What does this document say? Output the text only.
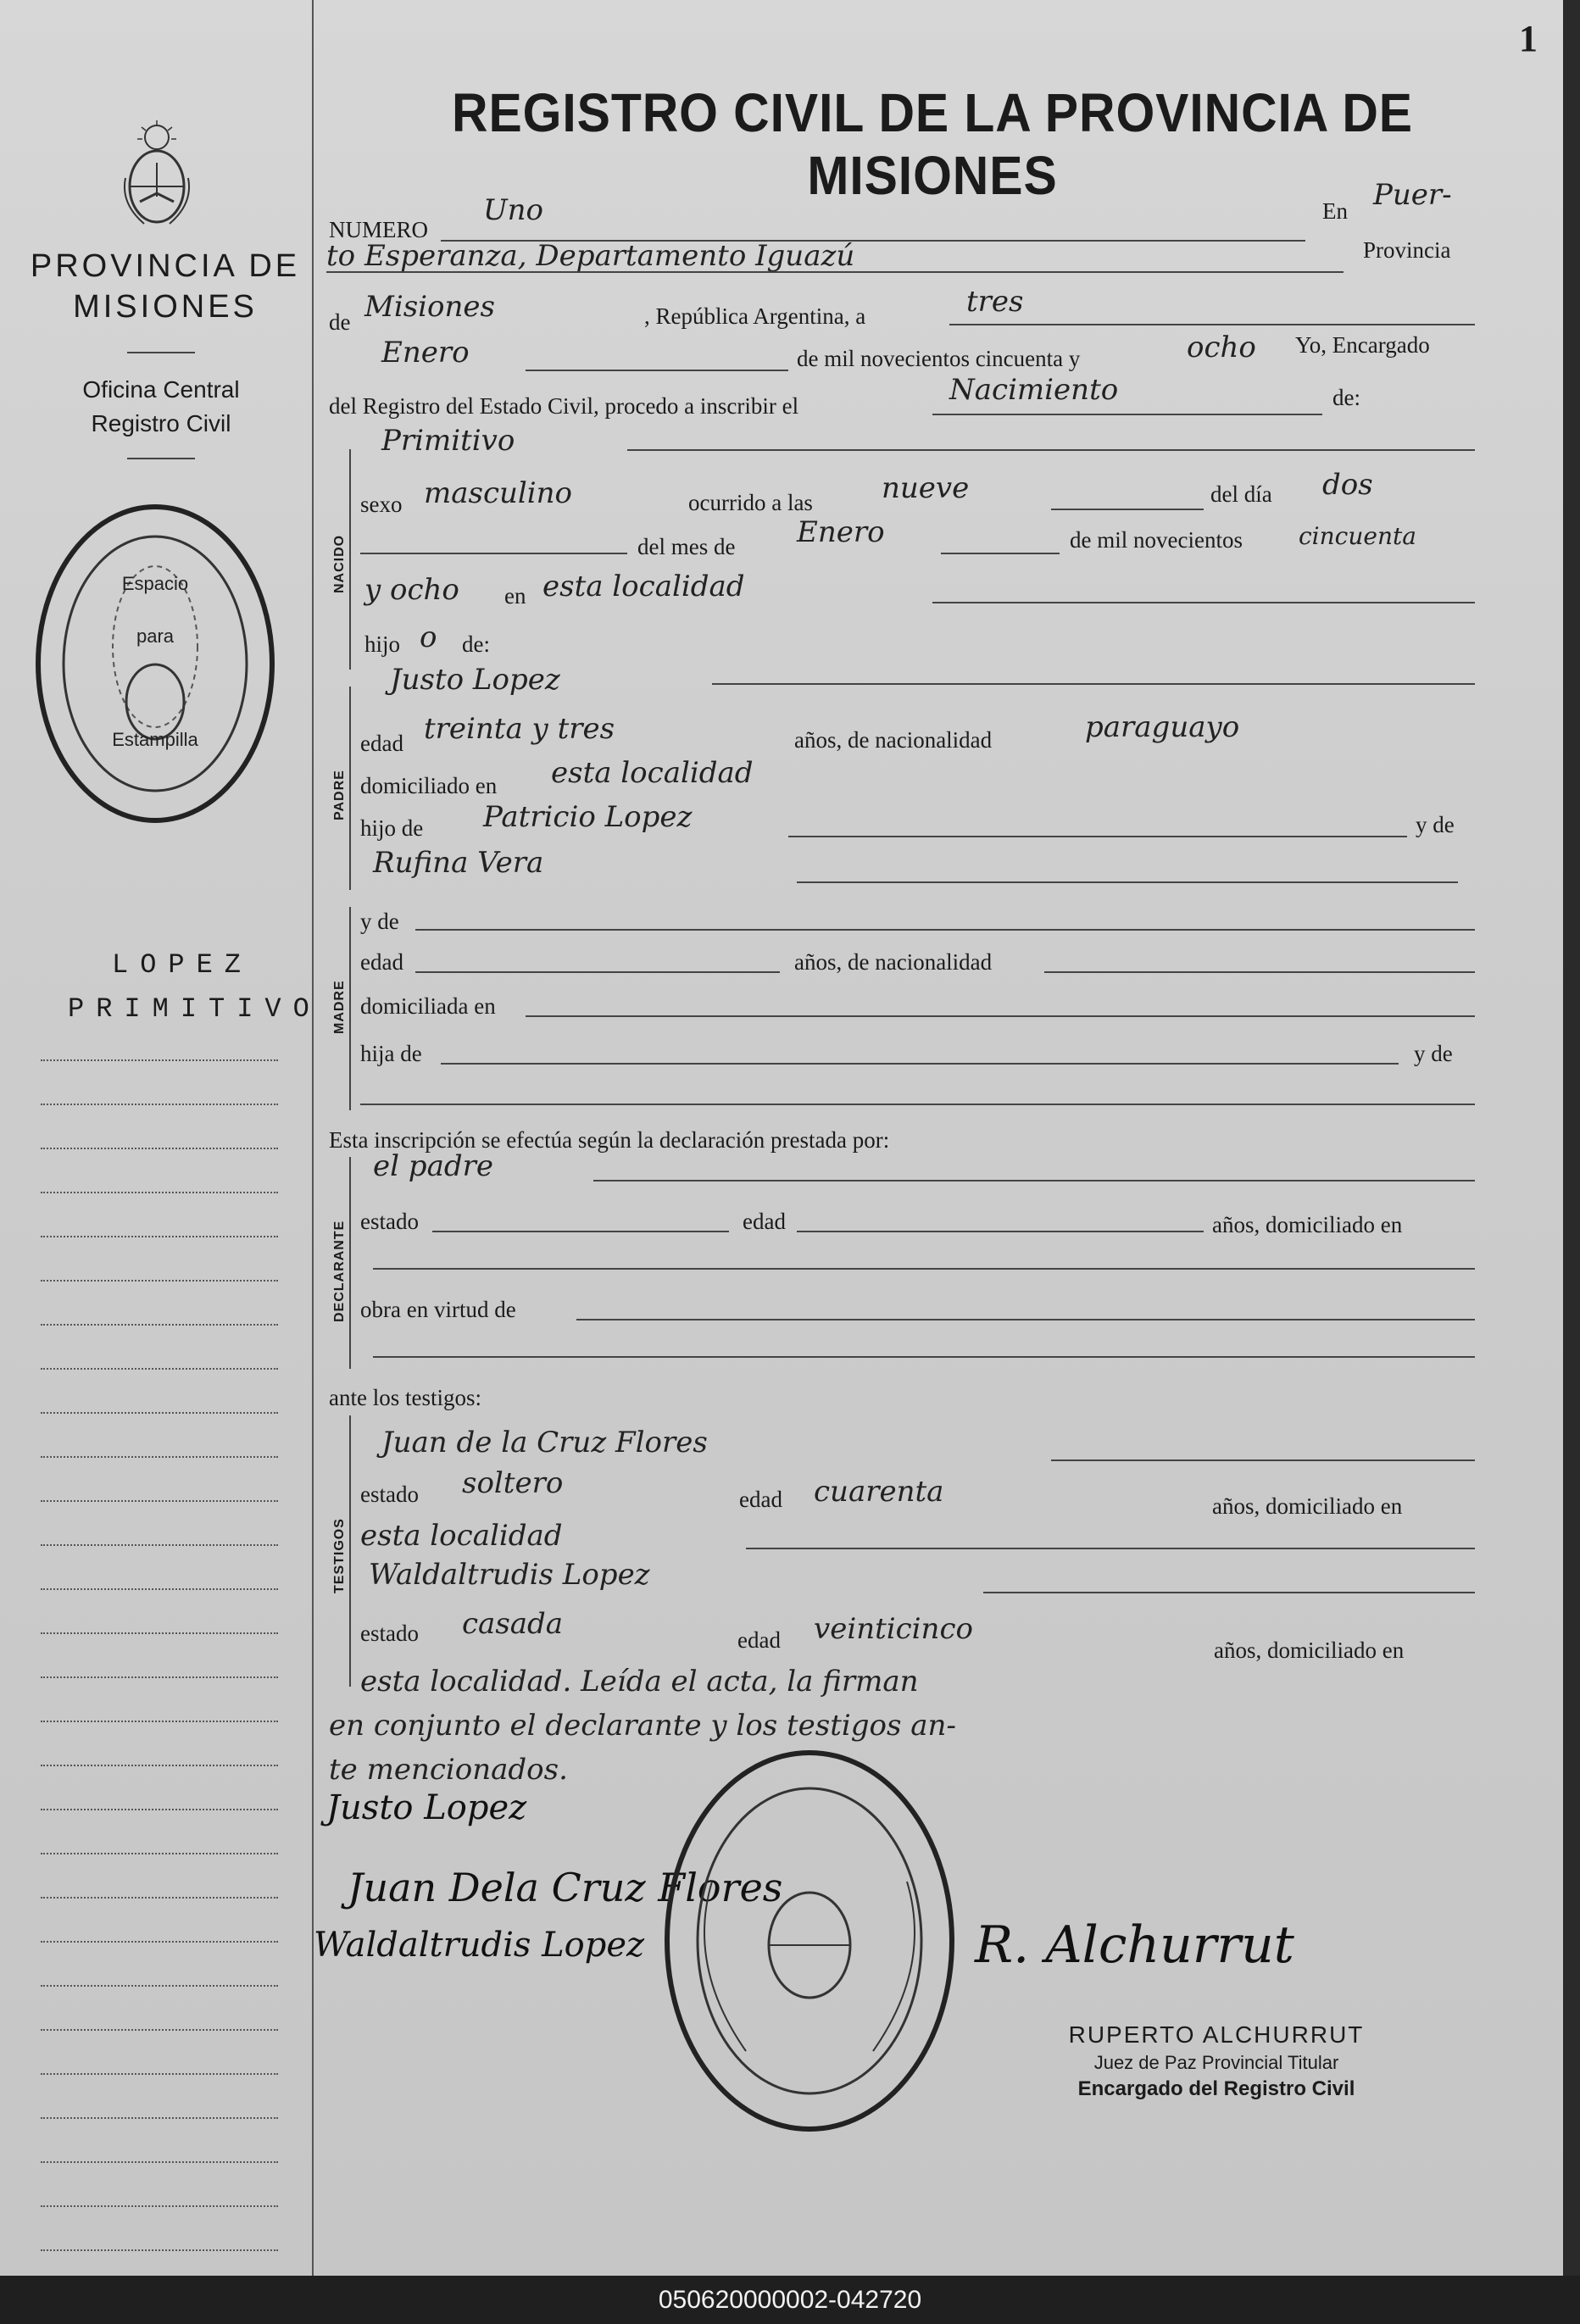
1
PROVINCIA DE MISIONES
Oficina Central
Registro Civil
Espacio
para
Estampilla
LOPEZ
PRIMITIVO
REGISTRO CIVIL DE LA PROVINCIA DE MISIONES
NUMERO
Uno	En Puer-
to Esperanza, Departamento Iguazú	Provincia
de Misiones	, República Argentina, a	tres
Enero	de mil novecientos cincuenta y	ocho Yo, Encargado
del Registro del Estado Civil, procedo a inscribir el	Nacimiento	de:
NACIDO
Primitivo
sexo masculino	ocurrido a las nueve	del día dos
del mes de Enero	de mil novecientos cincuenta
y ocho en esta localidad
hijo o de:
PADRE
Justo Lopez
edad treinta y tres	años, de nacionalidad	paraguayo
domiciliado en esta localidad
hijo de Patricio Lopez	y de
Rufina Vera
MADRE
y de
edad	años, de nacionalidad
domiciliada en
hija de	y de
Esta inscripción se efectúa según la declaración prestada por:
DECLARANTE
el padre
estado	edad	años, domiciliado en
obra en virtud de
ante los testigos:
TESTIGOS
Juan de la Cruz Flores
estado soltero	edad cuarenta	años, domiciliado en
esta localidad
Waldaltrudis Lopez
estado casada	edad veinticinco
años, domiciliado en
esta localidad. Leída el acta, la firman
en conjunto el declarante y los testigos an-
te mencionados.
Justo Lopez
Juan Dela Cruz Flores
Waldaltrudis Lopez	R. Alchurrut
RUPERTO ALCHURRUT
Juez de Paz Provincial Titular
Encargado del Registro Civil
050620000002-042720
